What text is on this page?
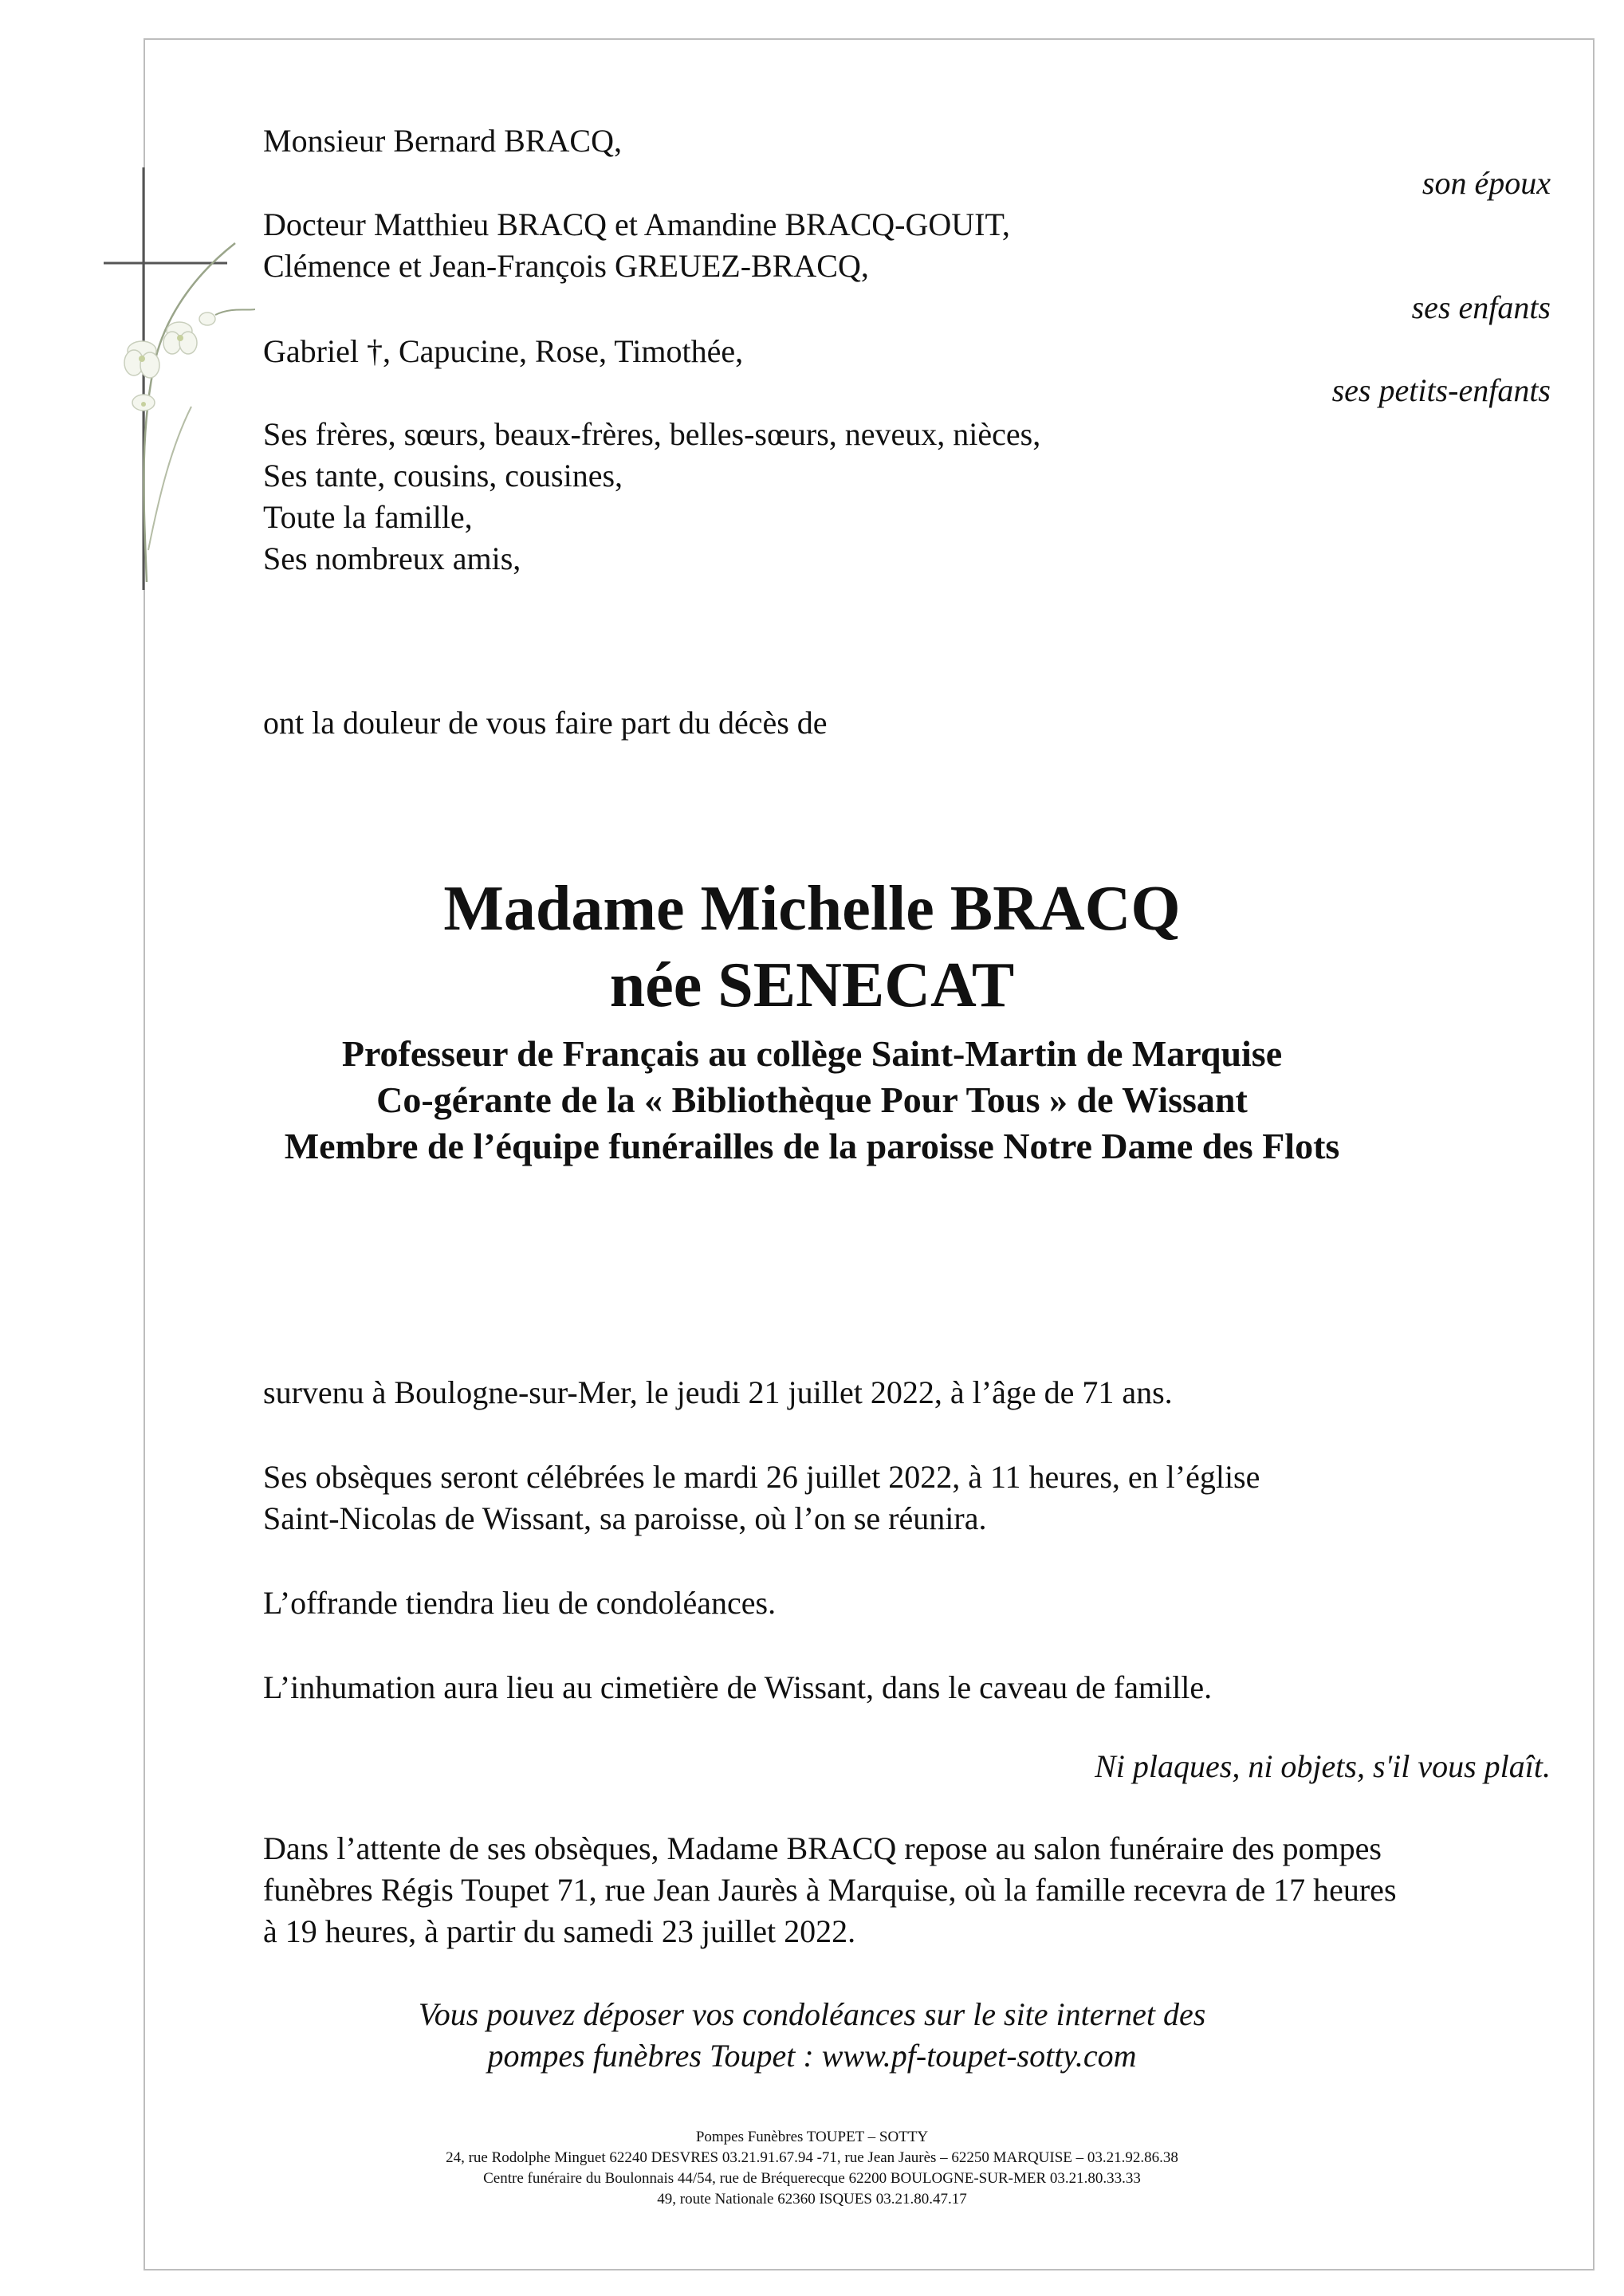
Monsieur Bernard BRACQ,
son époux
Docteur Matthieu BRACQ et Amandine BRACQ-GOUIT,
Clémence et Jean-François GREUEZ-BRACQ,
ses enfants
Gabriel †, Capucine, Rose, Timothée,
ses petits-enfants
Ses frères, sœurs, beaux-frères, belles-sœurs, neveux, nièces,
Ses tante, cousins, cousines,
Toute la famille,
Ses nombreux amis,
ont la douleur de vous faire part du décès de
Madame Michelle BRACQ
née SENECAT
Professeur de Français au collège Saint-Martin de Marquise
Co-gérante de la « Bibliothèque Pour Tous » de Wissant
Membre de l’équipe funérailles de la paroisse Notre Dame des Flots
survenu à Boulogne-sur-Mer, le jeudi 21 juillet 2022, à l’âge de 71 ans.
Ses obsèques seront célébrées le mardi 26 juillet 2022, à 11 heures, en l’église
Saint-Nicolas de Wissant, sa paroisse, où l’on se réunira.
L’offrande tiendra lieu de condoléances.
L’inhumation aura lieu au cimetière de Wissant, dans le caveau de famille.
Ni plaques, ni objets, s'il vous plaît.
Dans l’attente de ses obsèques, Madame BRACQ repose au salon funéraire des pompes
funèbres Régis Toupet 71, rue Jean Jaurès à Marquise, où la famille recevra de 17 heures
à 19 heures, à partir du samedi 23 juillet 2022.
Vous pouvez déposer vos condoléances sur le site internet des
pompes funèbres Toupet : www.pf-toupet-sotty.com
Pompes Funèbres TOUPET – SOTTY
24, rue Rodolphe Minguet 62240 DESVRES 03.21.91.67.94 -71, rue Jean Jaurès – 62250 MARQUISE – 03.21.92.86.38
Centre funéraire du Boulonnais 44/54, rue de Bréquerecque 62200 BOULOGNE-SUR-MER 03.21.80.33.33
49, route Nationale 62360 ISQUES 03.21.80.47.17
